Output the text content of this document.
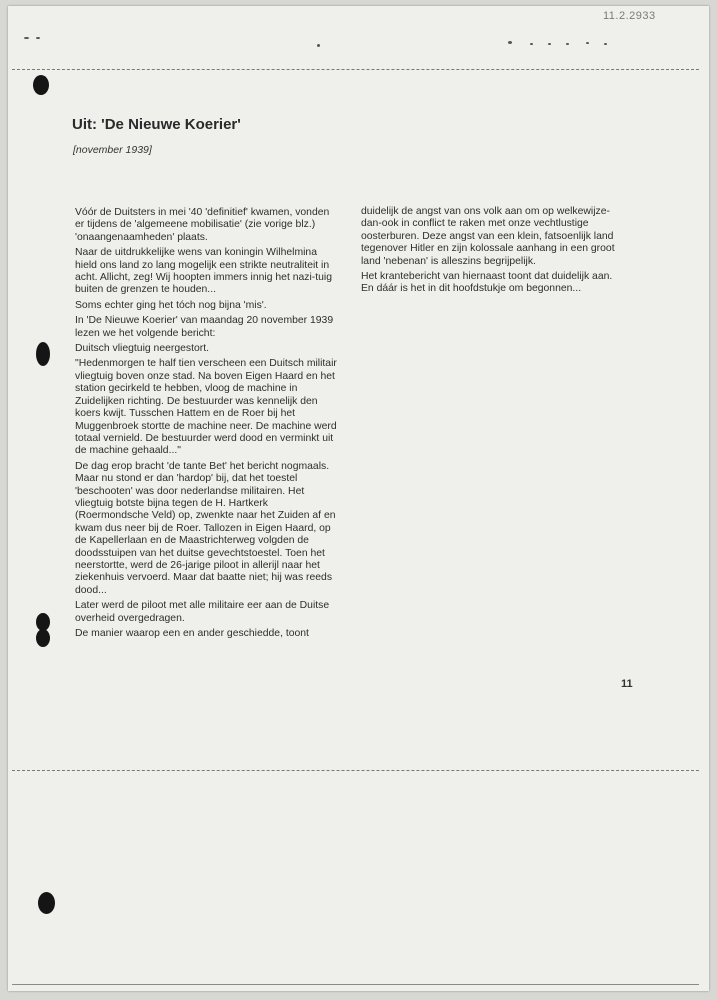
11.2.2933
Uit: 'De Nieuwe Koerier'
[november 1939]

Vóór de Duitsters in mei '40 'definitief' kwamen, vonden er tijdens de 'algemeene mobilisatie' (zie vorige blz.) 'onaangenaamheden' plaats.

Naar de uitdrukkelijke wens van koningin Wilhelmina hield ons land zo lang mogelijk een strikte neutraliteit in acht. Allicht, zeg! Wij hoopten immers innig het nazi-tuig buiten de grenzen te houden...

Soms echter ging het tóch nog bijna 'mis'.

In 'De Nieuwe Koerier' van maandag 20 november 1939 lezen we het volgende bericht:

Duitsch vliegtuig neergestort.

"Hedenmorgen te half tien verscheen een Duitsch militair vliegtuig boven onze stad. Na boven Eigen Haard en het station gecirkeld te hebben, vloog de machine in Zuidelijken richting. De bestuurder was kennelijk den koers kwijt. Tusschen Hattem en de Roer bij het Muggenbroek stortte de machine neer. De machine werd totaal vernield. De bestuurder werd dood en verminkt uit de machine gehaald..."

De dag erop bracht 'de tante Bet' het bericht nogmaals. Maar nu stond er dan 'hardop' bij, dat het toestel 'beschooten' was door nederlandse militairen. Het vliegtuig botste bijna tegen de H. Hartkerk (Roermondsche Veld) op, zwenkte naar het Zuiden af en kwam dus neer bij de Roer. Tallozen in Eigen Haard, op de Kapellerlaan en de Maastrichterweg volgden de doodsstuipen van het duitse gevechtstoestel. Toen het neerstortte, werd de 26-jarige piloot in allerijl naar het ziekenhuis vervoerd. Maar dat baatte niet; hij was reeds dood...

Later werd de piloot met alle militaire eer aan de Duitse overheid overgedragen.

De manier waarop een en ander geschiedde, toont

duidelijk de angst van ons volk aan om op welkewijze-dan-ook in conflict te raken met onze vechtlustige oosterburen. Deze angst van een klein, fatsoenlijk land tegenover Hitler en zijn kolossale aanhang in een groot land 'nebenan' is alleszins begrijpelijk.

Het krantebericht van hiernaast toont dat duidelijk aan. En dáár is het in dit hoofdstukje om begonnen...

11
